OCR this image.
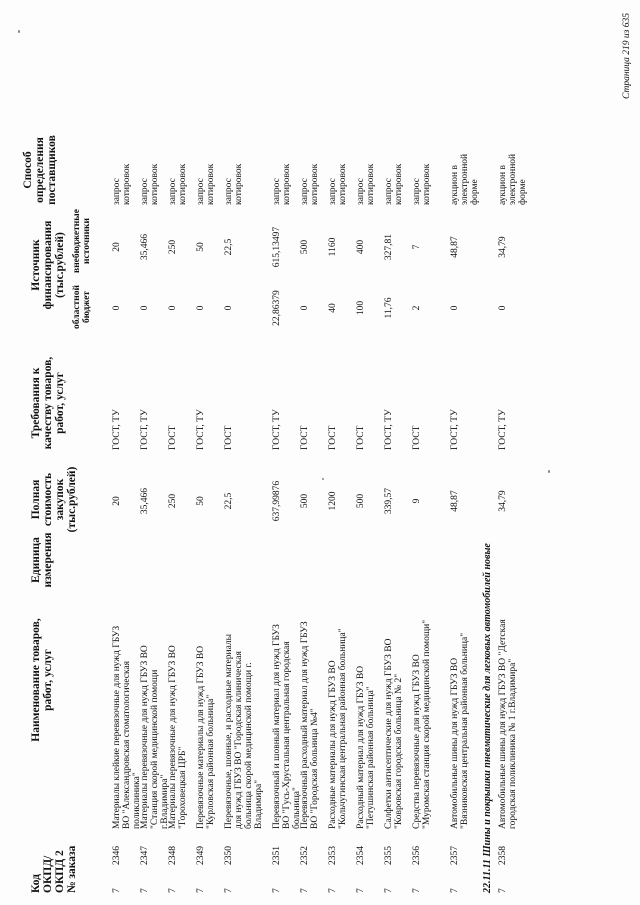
Код ОКПД/ ОКПД 2 № заказа
Наименование товаров, работ, услуг
Единица измерения
Полная стоимость закупок (тыс.рублей)
Требования к качеству товаров, работ, услуг
Источник финансирования (тыс.рублей)
областной бюджет
внебюджетные источники
Способ определения поставщиков
7
2346
Материалы клейкие перевязочные для нужд ГБУЗ ВО "Александровская стоматологическая поликлиника"
20
ГОСТ, ТУ
0
20
запрос котировок
7
2347
Материалы перевязочные для нужд ГБУЗ ВО "Станция скорой медицинской помощи г.Владимира"
35,466
ГОСТ, ТУ
0
35,466
запрос котировок
7
2348
Материалы перевязочные для нужд ГБУЗ ВО "Гороховецкая ЦРБ"
250
ГОСТ
0
250
запрос котировок
7
2349
Перевязочные материалы для нужд ГБУЗ ВО "Курловская районная больница"
50
ГОСТ, ТУ
0
50
запрос котировок
7
2350
Перевязочные, шовные, и расходные материалы для нужд ГБУЗ ВО "Городская клиническая больница скорой медицинской помощи г. Владимира"
22,5
ГОСТ
0
22,5
запрос котировок
7
2351
Перевязочный и шовный материал для нужд ГБУЗ ВО "Гусь-Хрустальная центральная городская больница"
637,99876
ГОСТ, ТУ
22,86379
615,13497
запрос котировок
7
2352
Перевязочный расходный материал для нужд ГБУЗ ВО "Городская больница №4"
500
ГОСТ
0
500
запрос котировок
7
2353
Расходные материалы для нужд ГБУЗ ВО "Кольчугинская центральная районная больница"
1200
ГОСТ
40
1160
запрос котировок
7
2354
Расходный материал для нужд ГБУЗ ВО "Петушинская районная больница"
500
ГОСТ
100
400
запрос котировок
7
2355
Салфетки антисептические для нужд ГБУЗ ВО "Ковровская городская больница № 2"
339,57
ГОСТ, ТУ
11,76
327,81
запрос котировок
7
2356
Средства перевязочные для нужд ГБУЗ ВО "Муромская станция скорой медицинской помощи"
9
ГОСТ
2
7
запрос котировок
22.11.11 Шины и покрышки пневматические для легковых автомобилей новые
7
2357
Автомобильные шины для нужд ГБУЗ ВО "Вязниковская центральная районная больница"
48,87
ГОСТ, ТУ
0
48,87
аукцион в электронной форме
7
2358
Автомобильные шины для нужд ГБУЗ ВО "Детская городская поликлиника № 1 г.Владимира"
34,79
ГОСТ, ТУ
0
34,79
аукцион в электронной форме
Страница 219 из 635
